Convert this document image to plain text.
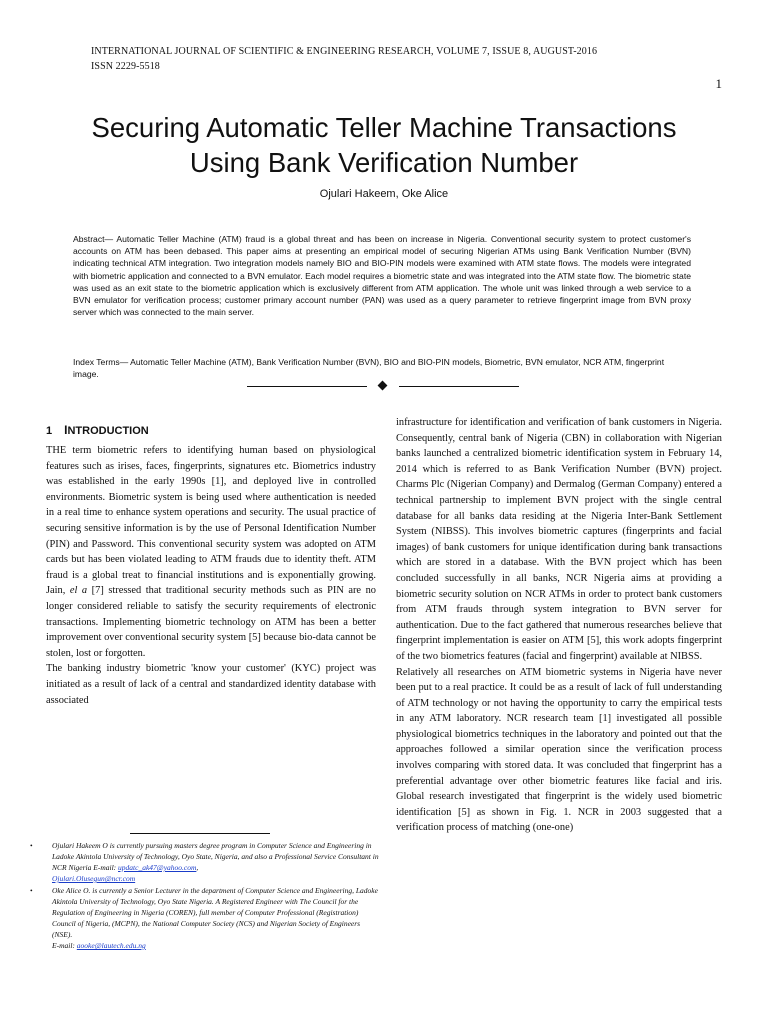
INTERNATIONAL JOURNAL OF SCIENTIFIC & ENGINEERING RESEARCH, VOLUME 7, ISSUE 8, AUGUST-2016
ISSN 2229-5518
1
Securing Automatic Teller Machine Transactions
Using Bank Verification Number
Ojulari Hakeem, Oke Alice

Abstract— Automatic Teller Machine (ATM) fraud is a global threat and has been on increase in Nigeria. Conventional security system to protect customer's accounts on ATM has been debased. This paper aims at presenting an empirical model of securing Nigerian ATMs using Bank Verification Number (BVN) indicating technical ATM integration. Two integration models namely BIO and BIO-PIN models were examined with ATM state flows. The models were integrated with biometric application and connected to a BVN emulator. Each model requires a biometric state and was integrated into the ATM state flow. The biometric state was used as an exit state to the biometric application which is exclusively different from ATM application. The whole unit was linked through a web service to a BVN emulator for verification process; customer primary account number (PAN) was used as a query parameter to retrieve fingerprint image from BVN proxy server which was connected to the main server.

Index Terms— Automatic Teller Machine (ATM), Bank Verification Number (BVN), BIO and BIO-PIN models, Biometric, BVN emulator, NCR ATM, fingerprint image.

1 INTRODUCTION

THE term biometric refers to identifying human based on physiological features such as irises, faces, fingerprints, signatures etc. Biometrics industry was established in the early 1990s [1], and deployed live in controlled environments. Biometric system is being used where authentication is needed in a real time to enhance system operations and security. The usual practice of securing sensitive information is by the use of Personal Identification Number (PIN) and Password. This conventional security system was adopted on ATM cards but has been violated leading to ATM frauds due to identity theft. ATM fraud is a global treat to financial institutions and is exponentially growing. Jain, el a [7] stressed that traditional security methods such as PIN are no longer considered reliable to satisfy the security requirements of electronic transactions. Implementing biometric technology on ATM has been a better improvement over conventional security system [5] because bio-data cannot be stolen, lost or forgotten.

The banking industry biometric 'know your customer' (KYC) project was initiated as a result of lack of a central and standardized identity database with associated

infrastructure for identification and verification of bank customers in Nigeria. Consequently, central bank of Nigeria (CBN) in collaboration with Nigerian banks launched a centralized biometric identification system in February 14, 2014 which is referred to as Bank Verification Number (BVN) project. Charms Plc (Nigerian Company) and Dermalog (German Company) entered a technical partnership to implement BVN project with the single central database for all banks data residing at the Nigeria Inter-Bank Settlement System (NIBSS). This involves biometric captures (fingerprints and facial images) of bank customers for unique identification during bank transactions which are stored in a database. With the BVN project which has been concluded successfully in all banks, NCR Nigeria aims at providing a biometric security solution on NCR ATMs in order to protect bank customers from ATM frauds through system integration to BVN server for authentication. Due to the fact gathered that numerous researches believe that fingerprint implementation is easier on ATM [5], this work adopts fingerprint of the two biometrics features (facial and fingerprint) available at NIBSS.

Relatively all researches on ATM biometric systems in Nigeria have never been put to a real practice. It could be as a result of lack of full understanding of ATM technology or not having the opportunity to carry the empirical tests in any ATM laboratory. NCR research team [1] investigated all possible physiological biometrics techniques in the laboratory and pointed out that the approaches followed a similar operation since the verification process involves comparing with stored data. It was concluded that fingerprint has a preferential advantage over other biometric features like facial and iris. Global research investigated that fingerprint is the widely used biometric identification [5] as shown in Fig. 1. NCR in 2003 suggested that a verification process of matching (one-one)

•	Ojulari Hakeem O is currently pursuing masters degree program in Computer Science and Engineering in Ladoke Akintola University of Technology, Oyo State, Nigeria, and also a Professional Service Consultant in NCR Nigeria E-mail: updatc_ak47@yahoo.com,
Ojulari.Olusegun@ncr.com
•	Oke Alice O. is currently a Senior Lecturer in the department of Computer Science and Engineering, Ladoke Akintola University of Technology, Oyo State Nigeria. A Registered Engineer with The Council for the Regulation of Engineering in Nigeria (COREN), full member of Computer Professional (Registration) Council of Nigeria, (MCPN), the National Computer Society (NCS) and Nigerian Society of Engineers (NSE).
E-mail: aooke@lautech.edu.ng
